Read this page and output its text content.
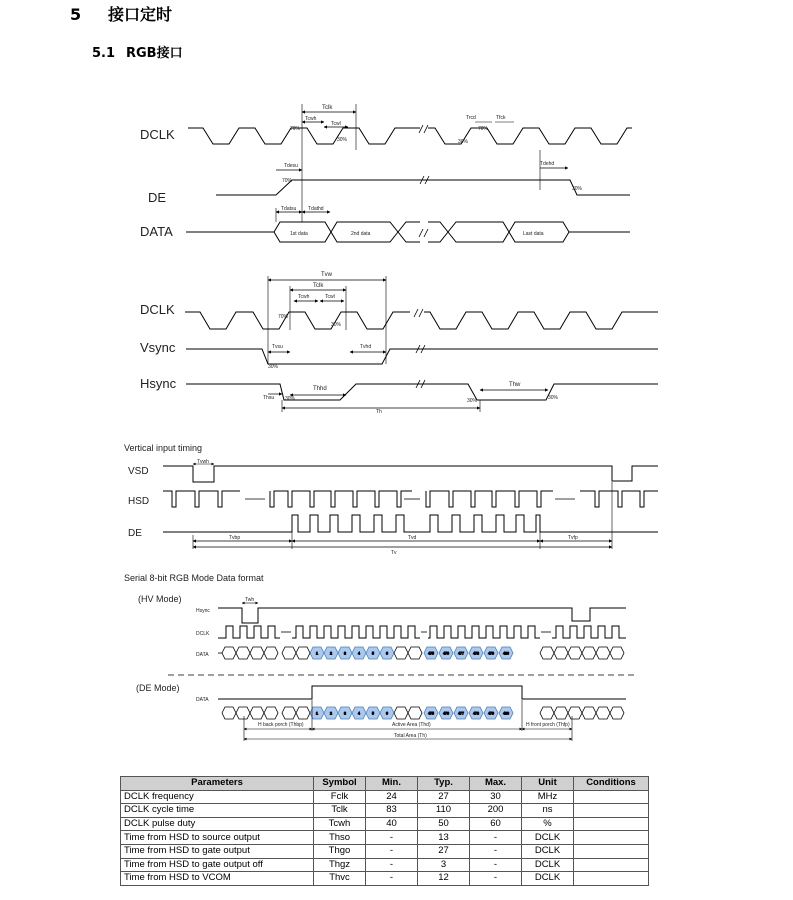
5 接口定时
5.1 RGB接口
1	2	3	4	5	6	475	476	477	478	479	480
1	2	3	4	5	6	475	476	477	478	479	480
DCLK
DE
DATA
Tclk
Tcwh
Tcwl
70%
30%
Trcd	Tfck
70%
30%
Tdesu
70%
Tdehd
30%
Tdatsu Tdathd
1st data	2nd data	Last data
DCLK
Vsync
Hsync
Tvw
Tclk
Tcwh	Tcwl
70%
30%
Tvsu	Tvhd
30%
Thhd
Thw
Thsu 30%	30%	30%
Th
Vertical input timing
VSD
HSD
DE
Tvwh
Tvbp	Tvd	Tvfp
Tv
Serial 8-bit RGB Mode Data format
(HV Mode)
(DE Mode)
Hsync
DCLK
DATA
DATA
Twh
H back porch (Thbp)	Active Area (Thd)	H front porch (Thfp)
Total Area (Th)
Parameters	Symbol	Min.	Typ.	Max.	Unit	Conditions
DCLK frequency	Fclk	24	27	30	MHz	
DCLK cycle time	Tclk	83	110	200	ns	
DCLK pulse duty	Tcwh	40	50	60	%	
Time from HSD to source output	Thso	-	13	-	DCLK	
Time from HSD to gate output	Thgo	-	27	-	DCLK	
Time from HSD to gate output off	Thgz	-	3	-	DCLK	
Time from HSD to VCOM	Thvc	-	12	-	DCLK	
